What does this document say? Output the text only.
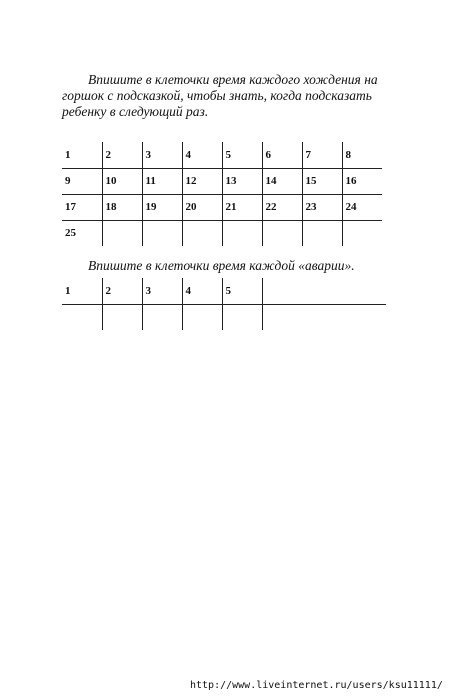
Впишите в клеточки время каждого хождения на горшок с подсказкой, чтобы знать, когда подсказать ребенку в следующий раз.

1	2	3	4	5	6	7	8
9	10	11	12	13	14	15	16
17	18	19	20	21	22	23	24
25							

Впишите в клеточки время каждой «аварии».

1	2	3	4	5	

http://www.liveinternet.ru/users/ksu11111/
